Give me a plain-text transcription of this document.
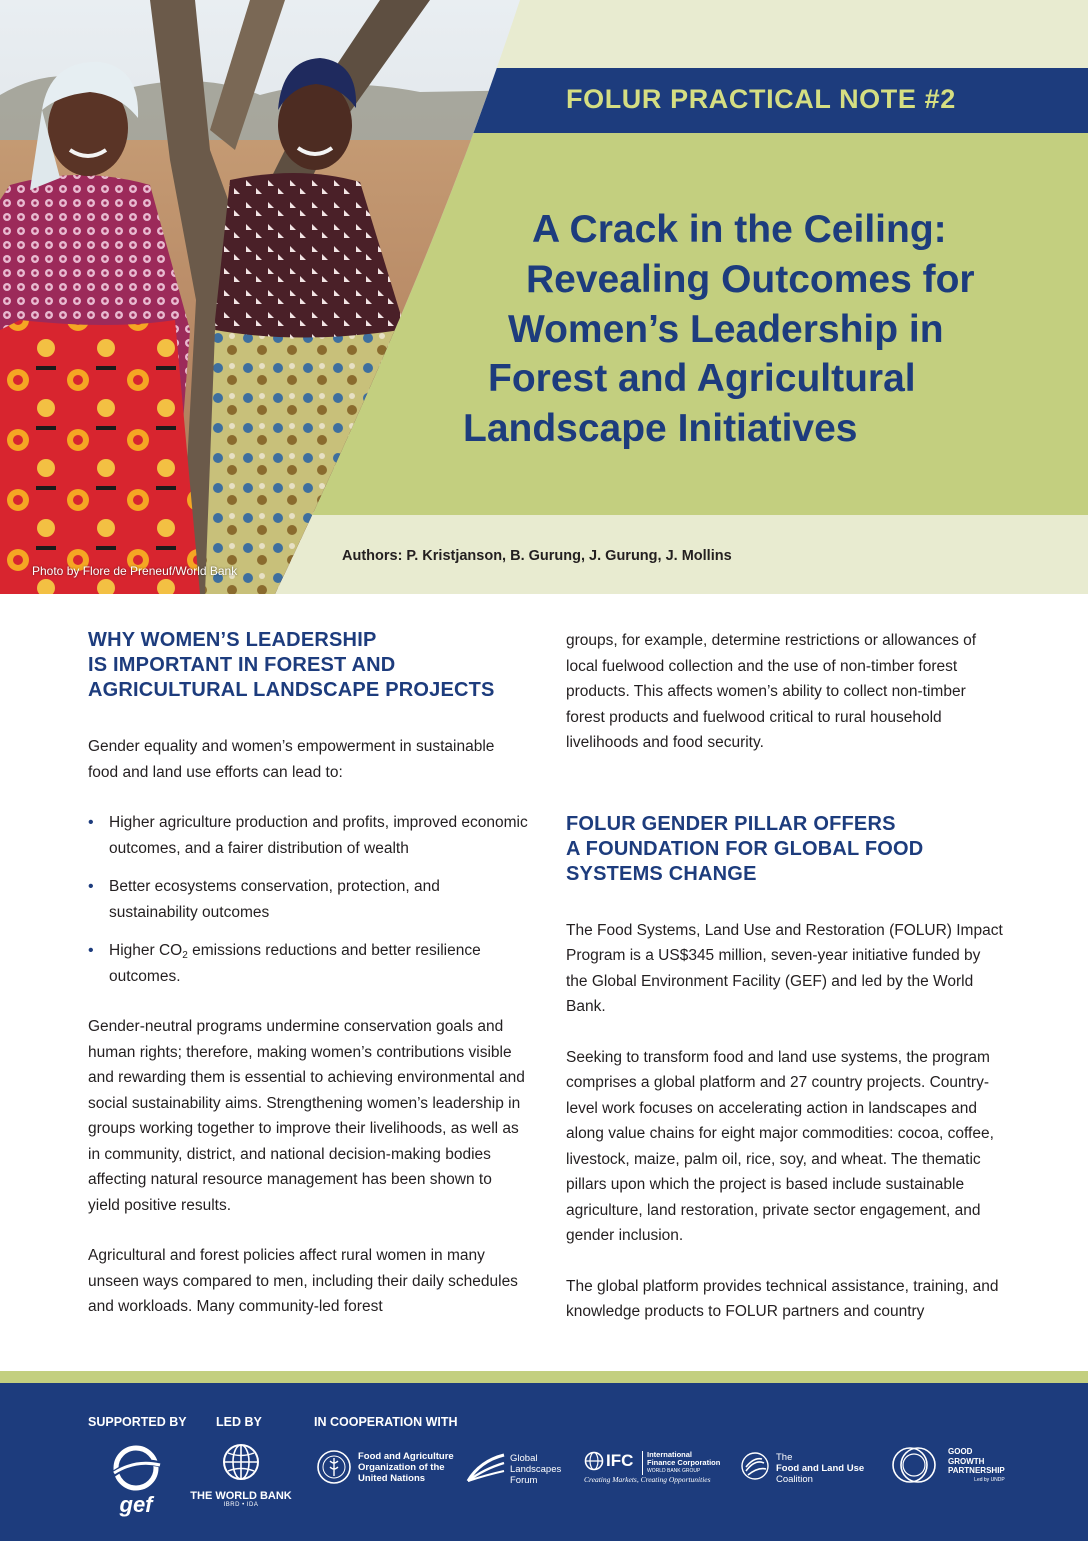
FOLUR PRACTICAL NOTE #2
A Crack in the Ceiling:
Revealing Outcomes for
Women’s Leadership in
Forest and Agricultural
Landscape Initiatives
Authors: P. Kristjanson, B. Gurung, J. Gurung, J. Mollins
Photo by Flore de Preneuf/World Bank
WHY WOMEN’S LEADERSHIP
IS IMPORTANT IN FOREST AND
AGRICULTURAL LANDSCAPE PROJECTS

Gender equality and women’s empowerment in sustainable food and land use efforts can lead to:

• Higher agriculture production and profits, improved economic outcomes, and a fairer distribution of wealth
• Better ecosystems conservation, protection, and sustainability outcomes
• Higher $CO_2$ emissions reductions and better resilience outcomes.

Gender-neutral programs undermine conservation goals and human rights; therefore, making women’s contributions visible and rewarding them is essential to achieving environmental and social sustainability aims. Strengthening women’s leadership in groups working together to improve their livelihoods, as well as in community, district, and national decision-making bodies affecting natural resource management has been shown to yield positive results.

Agricultural and forest policies affect rural women in many unseen ways compared to men, including their daily schedules and workloads. Many community-led forest

groups, for example, determine restrictions or allowances of local fuelwood collection and the use of non-timber forest products. This affects women’s ability to collect non-timber forest products and fuelwood critical to rural household livelihoods and food security.

FOLUR GENDER PILLAR OFFERS
A FOUNDATION FOR GLOBAL FOOD
SYSTEMS CHANGE

The Food Systems, Land Use and Restoration (FOLUR) Impact Program is a US$345 million, seven-year initiative funded by the Global Environment Facility (GEF) and led by the World Bank.

Seeking to transform food and land use systems, the program comprises a global platform and 27 country projects. Country-level work focuses on accelerating action in landscapes and along value chains for eight major commodities: cocoa, coffee, livestock, maize, palm oil, rice, soy, and wheat. The thematic pillars upon which the project is based include sustainable agriculture, land restoration, private sector engagement, and gender inclusion.

The global platform provides technical assistance, training, and knowledge products to FOLUR partners and country

SUPPORTED BY LED BY	IN COOPERATION WITH
gef	THE WORLD BANK
IBRD • IDA
Food and Agriculture
Organization of the
United Nations
Global
Landscapes
Forum
IFC International
Finance Corporation
WORLD BANK GROUP
Creating Markets, Creating Opportunities
The
Food and Land Use
Coalition
GOOD
GROWTH
PARTNERSHIP
Led by UNDP
